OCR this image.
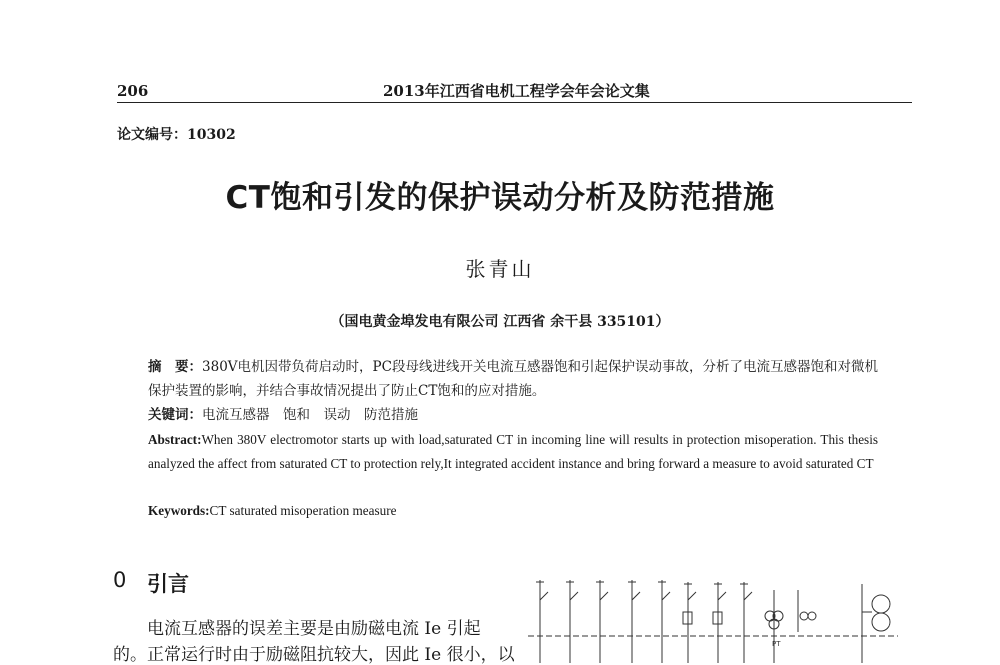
206	2013年江西省电机工程学会年会论文集
论文编号：10302
CT饱和引发的保护误动分析及防范措施
张青山
（国电黄金埠发电有限公司 江西省 余干县 335101）
摘　要：380V电机因带负荷启动时，PC段母线进线开关电流互感器饱和引起保护误动事故，分析了电流互感器饱和对微机保护装置的影响，并结合事故情况提出了防止CT饱和的应对措施。
关键词：电流互感器　饱和　误动　防范措施
Abstract:When 380V electromotor starts up with load,saturated CT in incoming line will results in protection misoperation. This thesis analyzed the affect from saturated CT to protection rely,It integrated accident instance and bring forward a measure to avoid saturated CT
Keywords:CT saturated misoperation measure
0 引言
电流互感器的误差主要是由励磁电流 Ie 引起
的。正常运行时由于励磁阻抗较大，因此 Ie 很小，以
PT
